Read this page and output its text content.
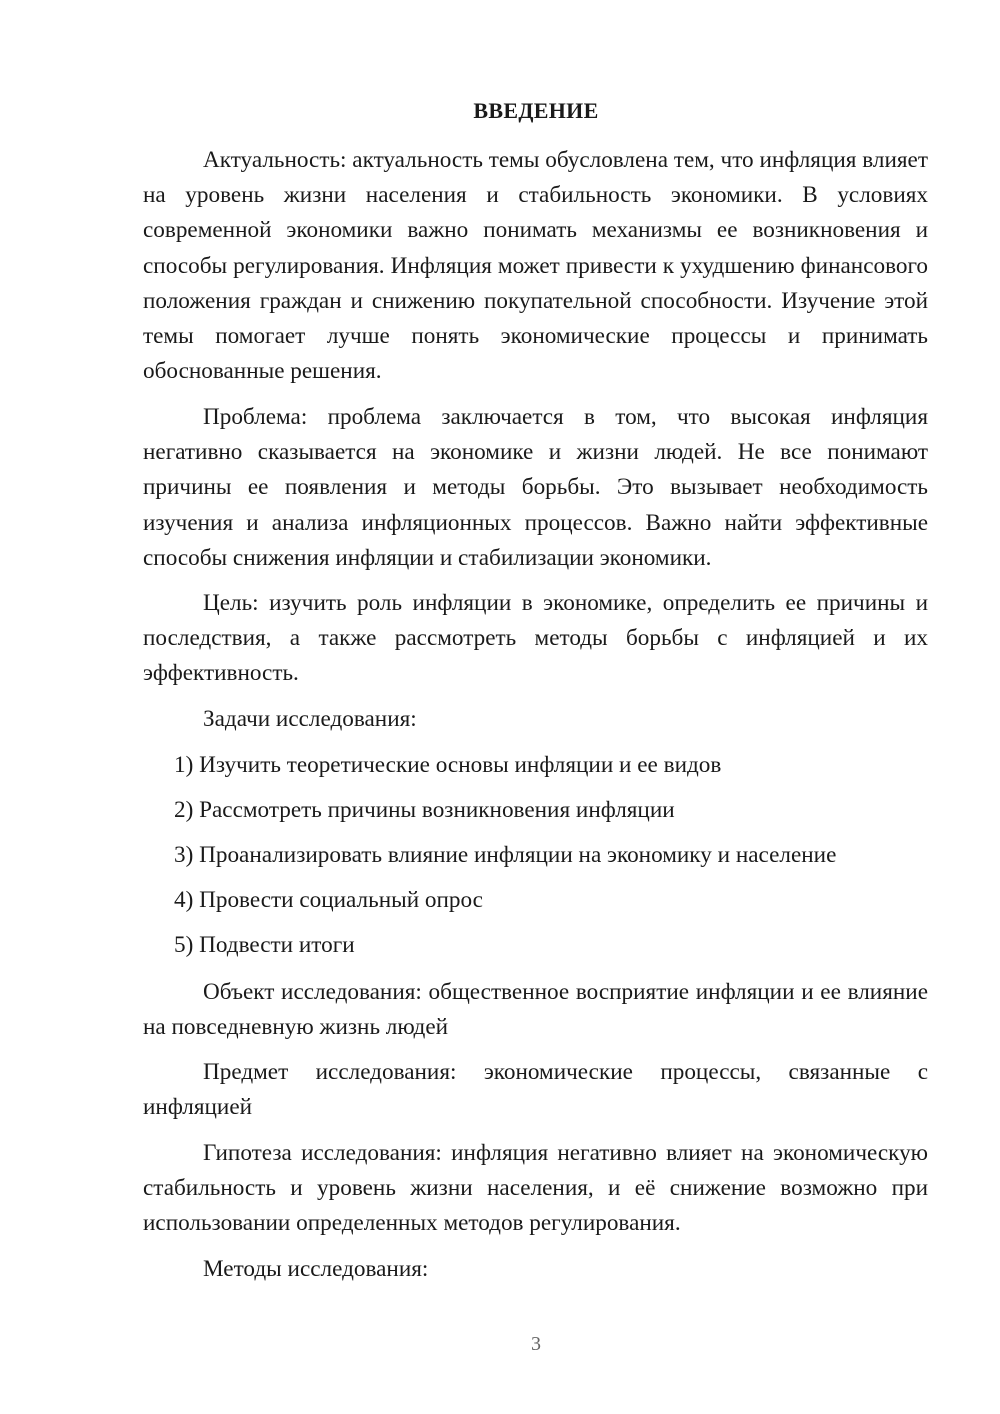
ВВЕДЕНИЕ
Актуальность: актуальность темы обусловлена тем, что инфляция влияет на уровень жизни населения и стабильность экономики. В условиях современной экономики важно понимать механизмы ее возникновения и способы регулирования. Инфляция может привести к ухудшению финансового положения граждан и снижению покупательной способности. Изучение этой темы помогает лучше понять экономические процессы и принимать обоснованные решения.
Проблема: проблема заключается в том, что высокая инфляция негативно сказывается на экономике и жизни людей. Не все понимают причины ее появления и методы борьбы. Это вызывает необходимость изучения и анализа инфляционных процессов. Важно найти эффективные способы снижения инфляции и стабилизации экономики.
Цель: изучить роль инфляции в экономике, определить ее причины и последствия, а также рассмотреть методы борьбы с инфляцией и их эффективность.
Задачи исследования:
1) Изучить теоретические основы инфляции и ее видов
2) Рассмотреть причины возникновения инфляции
3) Проанализировать влияние инфляции на экономику и население
4) Провести социальный опрос
5) Подвести итоги
Объект исследования: общественное восприятие инфляции и ее влияние на повседневную жизнь людей
Предмет исследования: экономические процессы, связанные с инфляцией
Гипотеза исследования: инфляция негативно влияет на экономическую стабильность и уровень жизни населения, и её снижение возможно при использовании определенных методов регулирования.
Методы исследования:
3
